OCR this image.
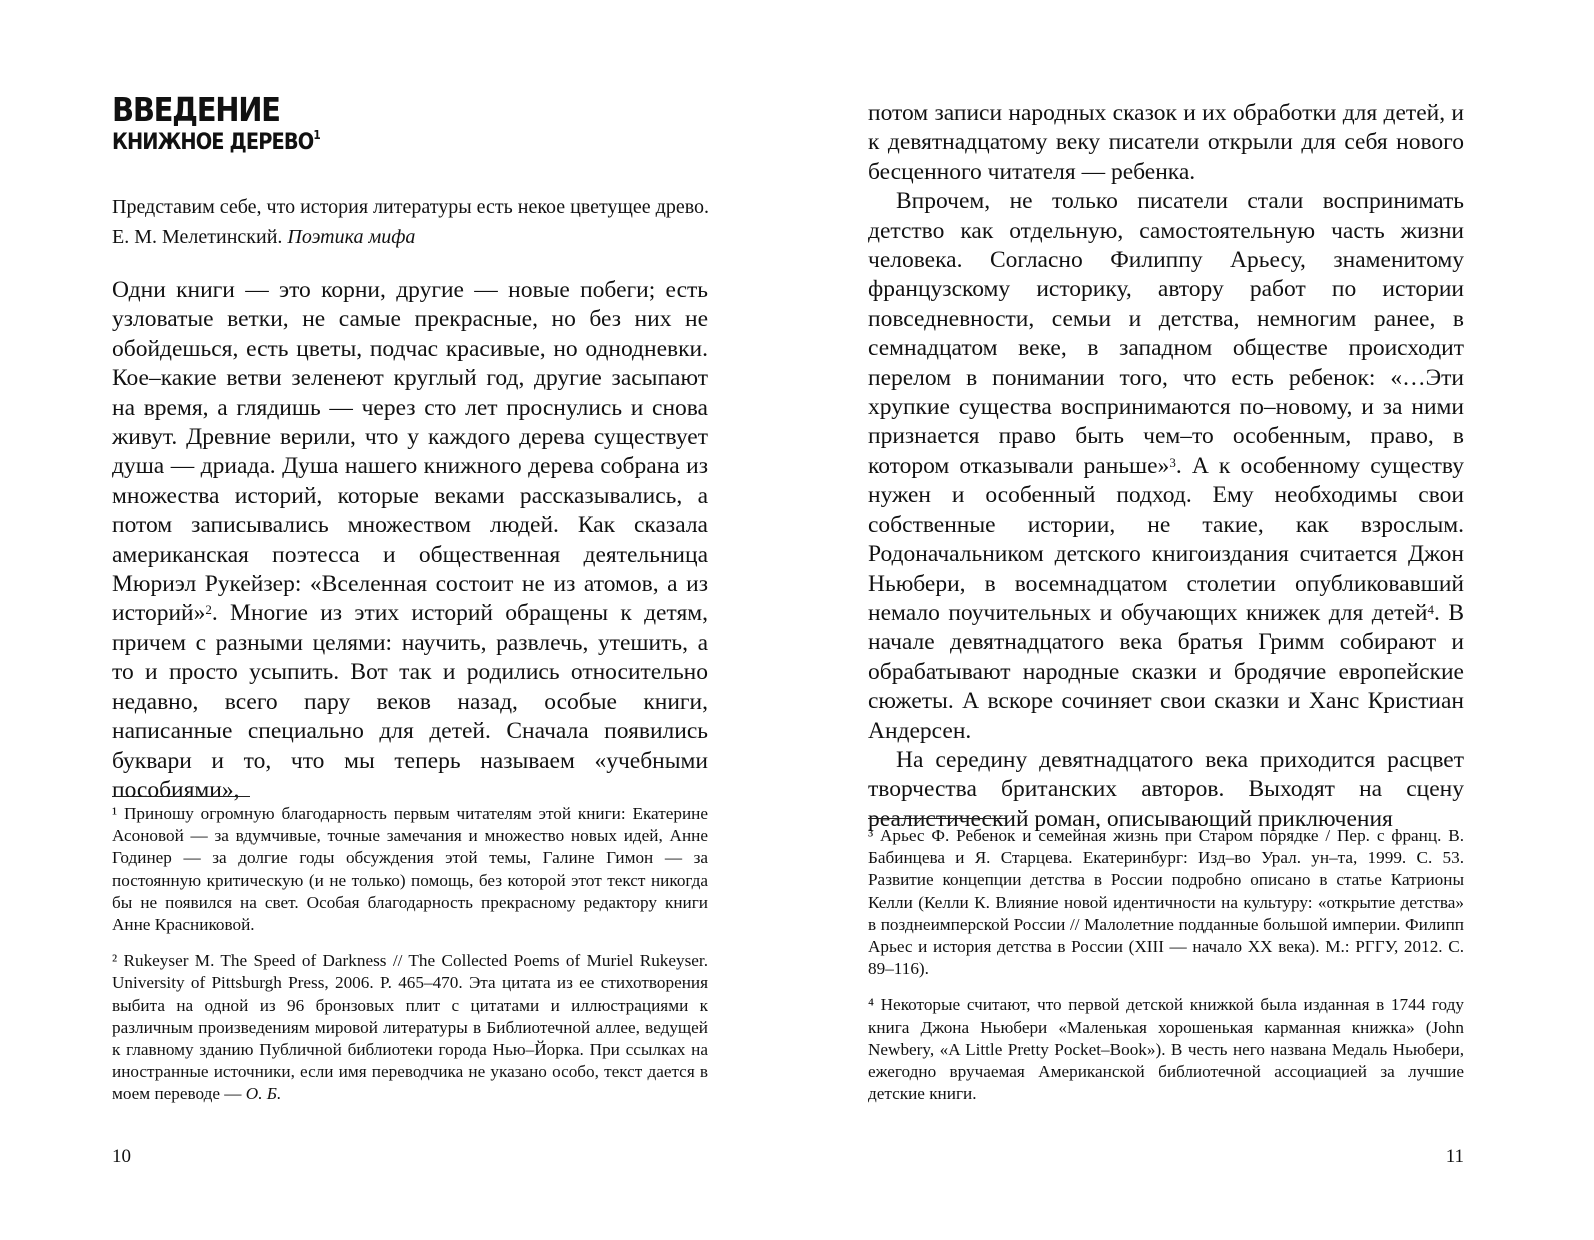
ВВЕДЕНИЕ
КНИЖНОЕ ДЕРЕВО$^1$
Представим себе, что история литературы есть некое цветущее древо.
Е. М. Мелетинский. Поэтика мифа

Одни книги — это корни, другие — новые побеги; есть узловатые ветки, не самые прекрасные, но без них не обойдешься, есть цветы, подчас красивые, но однодневки. Кое–какие ветви зеленеют круглый год, другие засыпают на время, а глядишь — через сто лет проснулись и снова живут. Древние верили, что у каждого дерева существует душа — дриада. Душа нашего книжного дерева собрана из множества историй, которые веками рассказывались, а потом записывались множеством людей. Как сказала американская поэтесса и общественная деятельница Мюриэл Рукейзер: «Вселенная состоит не из атомов, а из историй»$^2$. Многие из этих историй обращены к детям, причем с разными целями: научить, развлечь, утешить, а то и просто усыпить. Вот так и родились относительно недавно, всего пару веков назад, особые книги, написанные специально для детей. Сначала появились буквари и то, что мы теперь называем «учебными пособиями»,

¹ Приношу огромную благодарность первым читателям этой книги: Екатерине Асоновой — за вдумчивые, точные замечания и множество новых идей, Анне Годинер — за долгие годы обсуждения этой темы, Галине Гимон — за постоянную критическую (и не только) помощь, без которой этот текст никогда бы не появился на свет. Особая благодарность прекрасному редактору книги Анне Красниковой.

² Rukeyser M. The Speed of Darkness // The Collected Poems of Muriel Rukeyser. University of Pittsburgh Press, 2006. P. 465–470. Эта цитата из ее стихотворения выбита на одной из 96 бронзовых плит с цитатами и иллюстрациями к различным произведениям мировой литературы в Библиотечной аллее, ведущей к главному зданию Публичной библиотеки города Нью–Йорка. При ссылках на иностранные источники, если имя переводчика не указано особо, текст дается в моем переводе — О. Б.

10

потом записи народных сказок и их обработки для детей, и к девятнадцатому веку писатели открыли для себя нового бесценного читателя — ребенка.

Впрочем, не только писатели стали воспринимать детство как отдельную, самостоятельную часть жизни человека. Согласно Филиппу Арьесу, знаменитому французскому историку, автору работ по истории повседневности, семьи и детства, немногим ранее, в семнадцатом веке, в западном обществе происходит перелом в понимании того, что есть ребенок: «…Эти хрупкие существа воспринимаются по–новому, и за ними признается право быть чем–то особенным, право, в котором отказывали раньше»$^3$. А к особенному существу нужен и особенный подход. Ему необходимы свои собственные истории, не такие, как взрослым. Родоначальником детского книгоиздания считается Джон Ньюбери, в восемнадцатом столетии опубликовавший немало поучительных и обучающих книжек для детей$^4$. В начале девятнадцатого века братья Гримм собирают и обрабатывают народные сказки и бродячие европейские сюжеты. А вскоре сочиняет свои сказки и Ханс Кристиан Андерсен.

На середину девятнадцатого века приходится расцвет творчества британских авторов. Выходят на сцену реалистический роман, описывающий приключения

³ Арьес Ф. Ребенок и семейная жизнь при Старом порядке / Пер. с франц. В. Бабинцева и Я. Старцева. Екатеринбург: Изд–во Урал. ун–та, 1999. С. 53. Развитие концепции детства в России подробно описано в статье Катрионы Келли (Келли К. Влияние новой идентичности на культуру: «открытие детства» в позднеимперской России // Малолетние подданные большой империи. Филипп Арьес и история детства в России (XIII — начало XX века). М.: РГГУ, 2012. С. 89–116).

⁴ Некоторые считают, что первой детской книжкой была изданная в 1744 году книга Джона Ньюбери «Маленькая хорошенькая карманная книжка» (John Newbery, «A Little Pretty Pocket–Book»). В честь него названа Медаль Ньюбери, ежегодно вручаемая Американской библиотечной ассоциацией за лучшие детские книги.

11
